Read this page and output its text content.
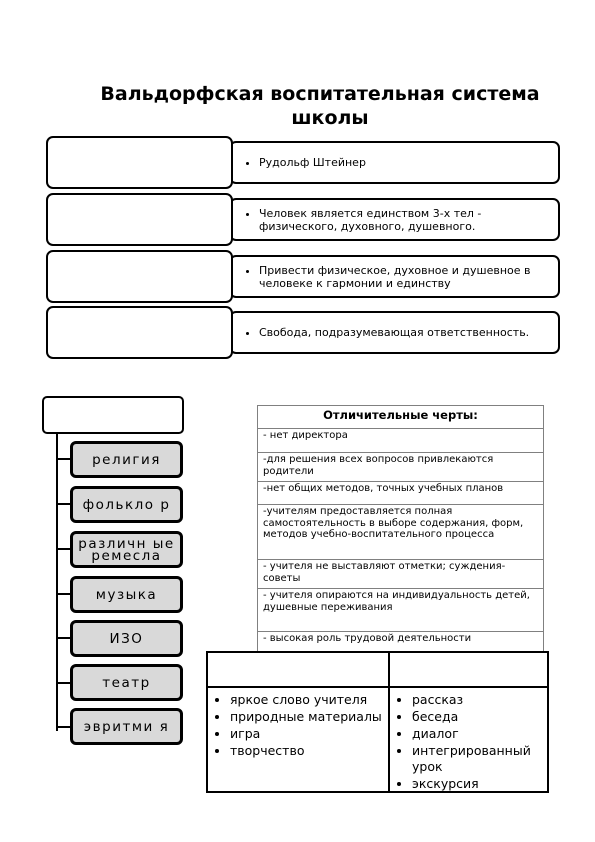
Вальдорфская воспитательная система
школы
• Рудольф Штейнер
• Человек является единством 3-х тел - физического, духовного, душевного.
• Привести физическое, духовное и душевное в человеке к гармонии и единству
• Свобода, подразумевающая ответственность.
религия
фолькло р
различн ые ремесла
музыка
ИЗО
театр
эвритми я
Отличительные черты:
- нет директора
-для решения всех вопросов привлекаются родители
-нет общих методов, точных учебных планов
-учителям предоставляется полная самостоятельность в выборе содержания, форм, методов учебно-воспитательного процесса
- учителя не выставляют отметки; суждения-советы
- учителя опираются на индивидуальность детей, душевные переживания
- высокая роль трудовой деятельности
• яркое слово учителя
• природные материалы
• игра
• творчество
• рассказ
• беседа
• диалог
• интегрированный урок
• экскурсия
